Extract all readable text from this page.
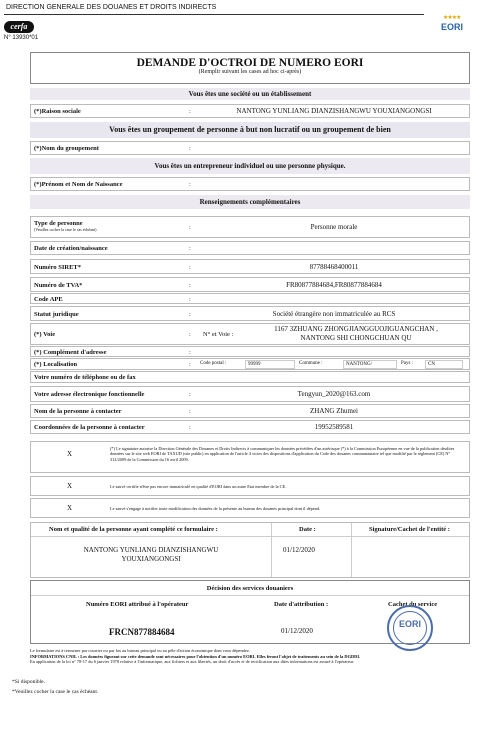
DIRECTION GENERALE DES DOUANES ET DROITS INDIRECTS
cerfa
N° 13930*01
★★★★
EORI
DEMANDE D'OCTROI DE NUMERO EORI
(Remplir suivant les cases ad hoc ci-après)
Vous êtes une société ou un établissement
(*)Raison sociale	:	NANTONG YUNLIANG DIANZISHANGWU YOUXIANGONGSI
Vous êtes un groupement de personne à but non lucratif ou un groupement de bien
(*)Nom du groupement	:
Vous êtes un entrepreneur individuel ou une personne physique.
(*)Prénom et Nom de Naissance	:
Renseignements complémentaires
Type de personne
(Veuillez cocher la case le cas échéant)	:	Personne morale
Date de création/naissance	:
Numéro SIRET*	:	87788468400011
Numéro de TVA*	:	FR80877884684,FR80877884684
Code APE	:
Statut juridique	:	Société étrangère non immatriculée au RCS
(*) Voie	: N° et Voie :
1167 3ZHUANG ZHONGJIANGGUOJIGUANGCHAN ,
NANTONG SHI CHONGCHUAN QU
(*) Complément d'adresse	:
(*) Localisation	: Code postal :	99999	Commune :	NANTONG/	Pays :	CN
Votre numéro de téléphone ou de fax
Votre adresse électronique fonctionnelle	:	Tengyun_2020@163.com
Nom de la personne à contacter	:	ZHANG Zhumei
Coordonnées de la personne à contacter	:	19952589581
X
(*) Le signataire autorise la Direction Générale des Douanes et Droits Indirects à communiquer les données précédées d'un astérisque (*) à la Commission Européenne en vue de la publication desdites données sur le site web EORI de TAXUD (site public) en application de l'article 4 vicies des dispositions d'application du Code des douanes communautaire tel que modifié par le règlement (CE) N° 312/2009 de la Commission du 16 avril 2009.
X	Le sauvé certifie n'être pas encore immatriculé en qualité d'EORI dans un autre Etat membre de la CE.
X	Le sauvé s'engage à notifier toute modification des données de la présente au bureau des douanes principal dont il dépend.
Nom et qualité de la personne ayant complété ce formulaire :	Date :	Signature/Cachet de l'entité :
NANTONG YUNLIANG DIANZISHANGWU
YOUXIANGONGSI
01/12/2020
Décision des services douaniers
Numéro EORI attribué à l'opérateur	Date d'attribution :	Cachet du service
FRCN877884684	01/12/2020
EORI
Le formulaire est à retourner par courrier ou par fax au bureau principal ou au pôle d'action économique dont vous dépendez.
INFORMATIONS CNIL : Les données figurant sur cette demande sont nécessaires pour l'obtention d'un numéro EORI. Elles feront l'objet de traitements au sein de la DGDDI.
En application de la loi n° 78-17 du 6 janvier 1978 relative à l'informatique, aux fichiers et aux libertés, un droit d'accès et de rectification aux dites informations est assuré à l'opérateur.
*Si disponible.
*Veuillez cocher la case le cas échéant.
